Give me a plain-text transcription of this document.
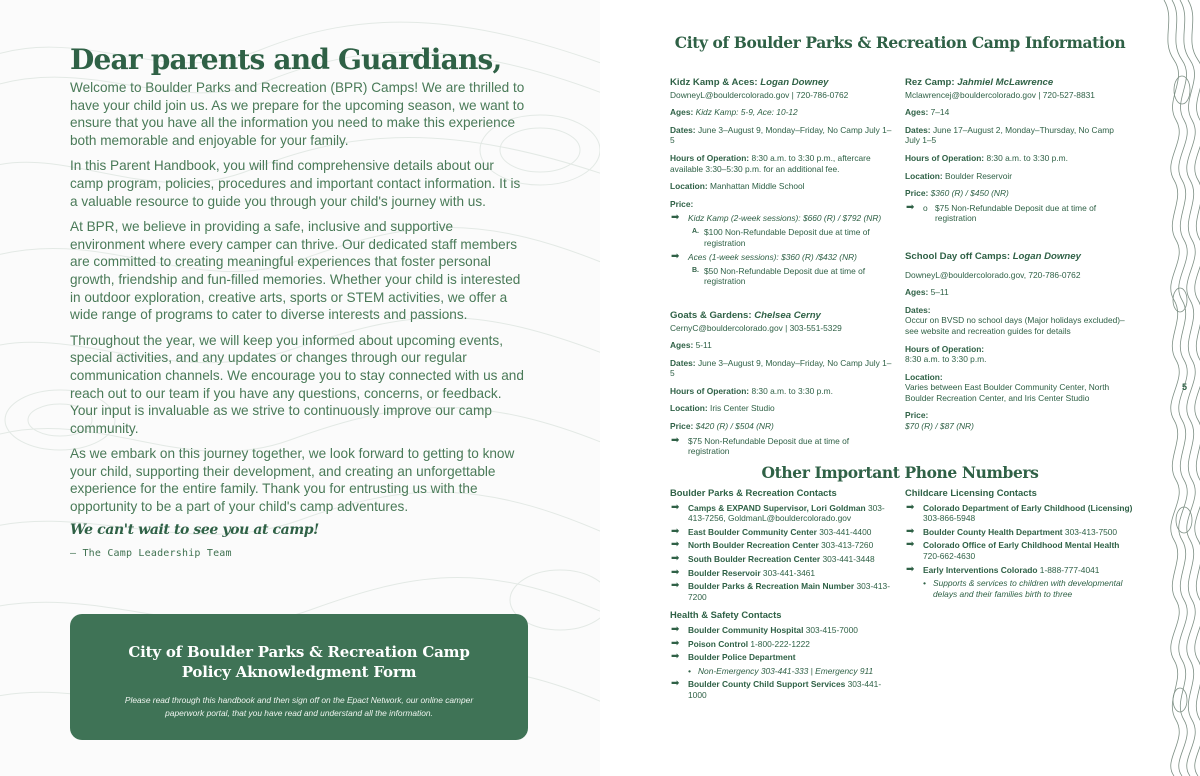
Dear parents and Guardians,

Welcome to Boulder Parks and Recreation (BPR) Camps! We are thrilled to have your child join us. As we prepare for the upcoming season, we want to ensure that you have all the information you need to make this experience both memorable and enjoyable for your family.

In this Parent Handbook, you will find comprehensive details about our camp program, policies, procedures and important contact information. It is a valuable resource to guide you through your child's journey with us.

At BPR, we believe in providing a safe, inclusive and supportive environment where every camper can thrive. Our dedicated staff members are committed to creating meaningful experiences that foster personal growth, friendship and fun-filled memories. Whether your child is interested in outdoor exploration, creative arts, sports or STEM activities, we offer a wide range of programs to cater to diverse interests and passions.

Throughout the year, we will keep you informed about upcoming events, special activities, and any updates or changes through our regular communication channels. We encourage you to stay connected with us and reach out to our team if you have any questions, concerns, or feedback. Your input is invaluable as we strive to continuously improve our camp community.

As we embark on this journey together, we look forward to getting to know your child, supporting their development, and creating an unforgettable experience for the entire family. Thank you for entrusting us with the opportunity to be a part of your child's camp adventures.

We can't wait to see you at camp!
— The Camp Leadership Team
City of Boulder Parks & Recreation Camp
Policy Aknowledgment Form
Please read through this handbook and then sign off on the Epact Network, our online camper paperwork portal, that you have read and understand all the information.
City of Boulder Parks & Recreation Camp Information
Kidz Kamp & Aces: Logan Downey
DowneyL@bouldercolorado.gov | 720-786-0762
Ages: Kidz Kamp: 5-9, Ace: 10-12
Dates: June 3–August 9, Monday–Friday, No Camp July 1–5
Hours of Operation: 8:30 a.m. to 3:30 p.m., aftercare available 3:30–5:30 p.m. for an additional fee.
Location: Manhattan Middle School
Price:
➡	Kidz Kamp (2-week sessions): $660 (R) / $792 (NR)
A. $100 Non-Refundable Deposit due at time of registration
➡	Aces (1-week sessions): $360 (R) /$432 (NR)
B. $50 Non-Refundable Deposit due at time of registration
Goats & Gardens: Chelsea Cerny
CernyC@bouldercolorado.gov | 303-551-5329
Ages: 5-11
Dates: June 3–August 9, Monday–Friday, No Camp July 1–5
Hours of Operation: 8:30 a.m. to 3:30 p.m.
Location: Iris Center Studio
Price: $420 (R) / $504 (NR)
➡	$75 Non-Refundable Deposit due at time of registration
Rez Camp: Jahmiel McLawrence
Mclawrencej@bouldercolorado.gov | 720-527-8831
Ages: 7–14
Dates: June 17–August 2, Monday–Thursday, No Camp July 1–5
Hours of Operation: 8:30 a.m. to 3:30 p.m.
Location: Boulder Reservoir
Price: $360 (R) / $450 (NR)
➡	o $75 Non-Refundable Deposit due at time of registration
School Day off Camps: Logan Downey
DowneyL@bouldercolorado.gov, 720-786-0762
Ages: 5–11
Dates:
Occur on BVSD no school days (Major holidays excluded)–see website and recreation guides for details
Hours of Operation:
8:30 a.m. to 3:30 p.m.
Location:
Varies between East Boulder Community Center, North Boulder Recreation Center, and Iris Center Studio
Price:
$70 (R) / $87 (NR)
Other Important Phone Numbers
Boulder Parks & Recreation Contacts
➡	Camps & EXPAND Supervisor, Lori Goldman 303-413-7256, GoldmanL@bouldercolorado.gov
➡	East Boulder Community Center 303-441-4400
➡	North Boulder Recreation Center 303-413-7260
➡	South Boulder Recreation Center 303-441-3448
➡	Boulder Reservoir 303-441-3461
➡	Boulder Parks & Recreation Main Number 303-413-7200
Health & Safety Contacts
➡	Boulder Community Hospital 303-415-7000
➡	Poison Control 1-800-222-1222
➡	Boulder Police Department
• Non-Emergency 303-441-333 | Emergency 911
➡	Boulder County Child Support Services 303-441-1000
Childcare Licensing Contacts
➡	Colorado Department of Early Childhood (Licensing) 303-866-5948
➡	Boulder County Health Department 303-413-7500
➡	Colorado Office of Early Childhood Mental Health 720-662-4630
➡	Early Interventions Colorado 1-888-777-4041
• Supports & services to children with developmental delays and their families birth to three
5
